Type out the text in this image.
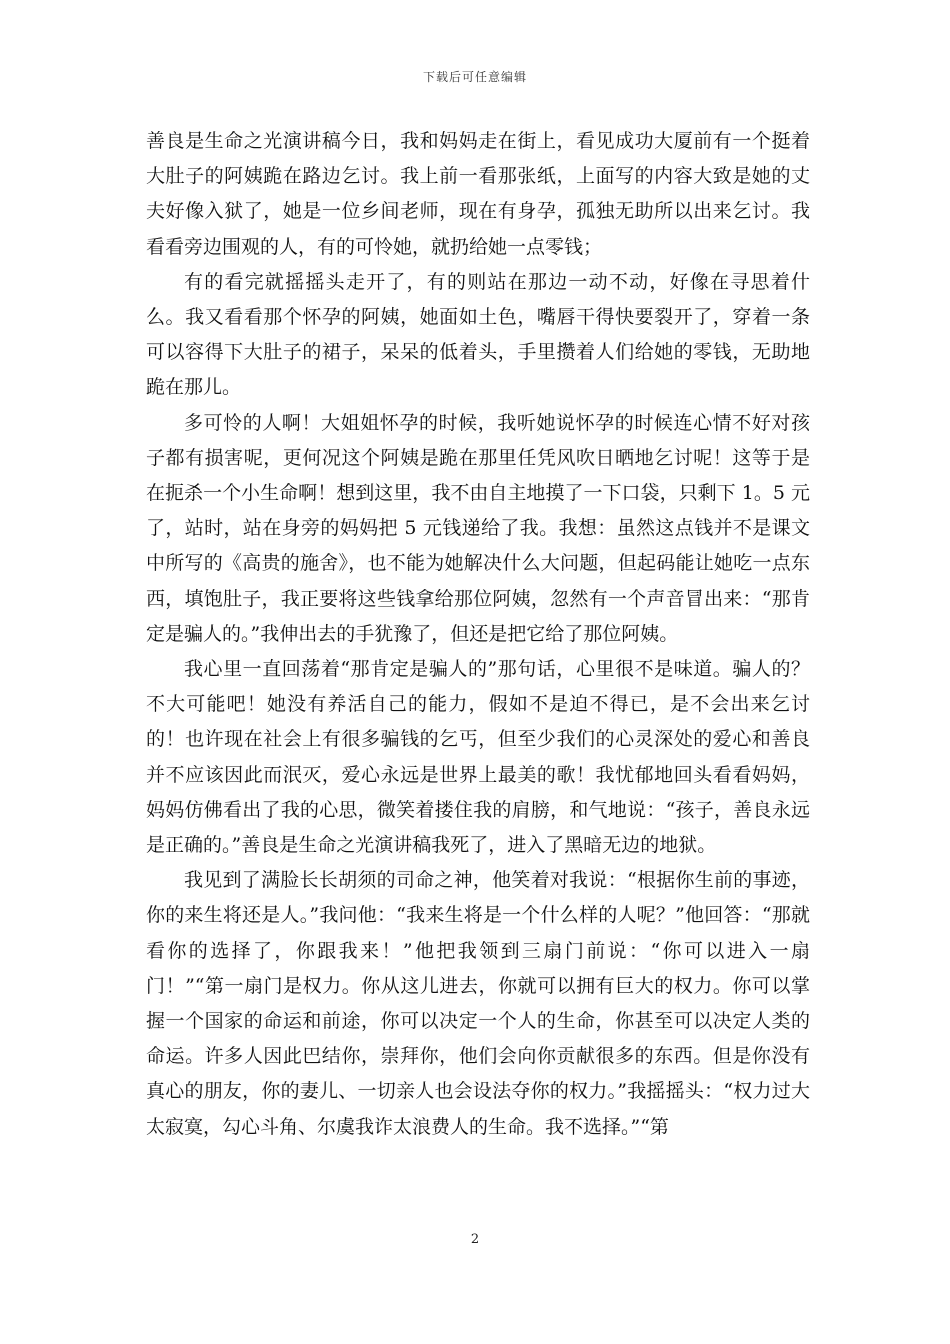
下载后可任意编辑

善良是生命之光演讲稿今日，我和妈妈走在街上，看见成功大厦前有一个挺着大肚子的阿姨跪在路边乞讨。我上前一看那张纸，上面写的内容大致是她的丈夫好像入狱了，她是一位乡间老师，现在有身孕，孤独无助所以出来乞讨。我看看旁边围观的人，有的可怜她，就扔给她一点零钱；

有的看完就摇摇头走开了，有的则站在那边一动不动，好像在寻思着什么。我又看看那个怀孕的阿姨，她面如土色，嘴唇干得快要裂开了，穿着一条可以容得下大肚子的裙子，呆呆的低着头，手里攒着人们给她的零钱，无助地跪在那儿。

多可怜的人啊！大姐姐怀孕的时候，我听她说怀孕的时候连心情不好对孩子都有损害呢，更何况这个阿姨是跪在那里任凭风吹日晒地乞讨呢！这等于是在扼杀一个小生命啊！想到这里，我不由自主地摸了一下口袋，只剩下 1。5 元了，站时，站在身旁的妈妈把 5 元钱递给了我。我想：虽然这点钱并不是课文中所写的《高贵的施舍》，也不能为她解决什么大问题，但起码能让她吃一点东西，填饱肚子，我正要将这些钱拿给那位阿姨，忽然有一个声音冒出来：“那肯定是骗人的。”我伸出去的手犹豫了，但还是把它给了那位阿姨。

我心里一直回荡着“那肯定是骗人的”那句话，心里很不是味道。骗人的？不大可能吧！她没有养活自己的能力，假如不是迫不得已，是不会出来乞讨的！也许现在社会上有很多骗钱的乞丐，但至少我们的心灵深处的爱心和善良并不应该因此而泯灭，爱心永远是世界上最美的歌！我忧郁地回头看看妈妈，妈妈仿佛看出了我的心思，微笑着搂住我的肩膀，和气地说：“孩子，善良永远是正确的。”善良是生命之光演讲稿我死了，进入了黑暗无边的地狱。

我见到了满脸长长胡须的司命之神，他笑着对我说：“根据你生前的事迹，你的来生将还是人。”我问他：“我来生将是一个什么样的人呢？”他回答：“那就看你的选择了，你跟我来！”他把我领到三扇门前说：“你可以进入一扇门！”“第一扇门是权力。你从这儿进去，你就可以拥有巨大的权力。你可以掌握一个国家的命运和前途，你可以决定一个人的生命，你甚至可以决定人类的命运。许多人因此巴结你，崇拜你，他们会向你贡献很多的东西。但是你没有真心的朋友，你的妻儿、一切亲人也会设法夺你的权力。”我摇摇头：“权力过大太寂寞，勾心斗角、尔虞我诈太浪费人的生命。我不选择。”“第

2
